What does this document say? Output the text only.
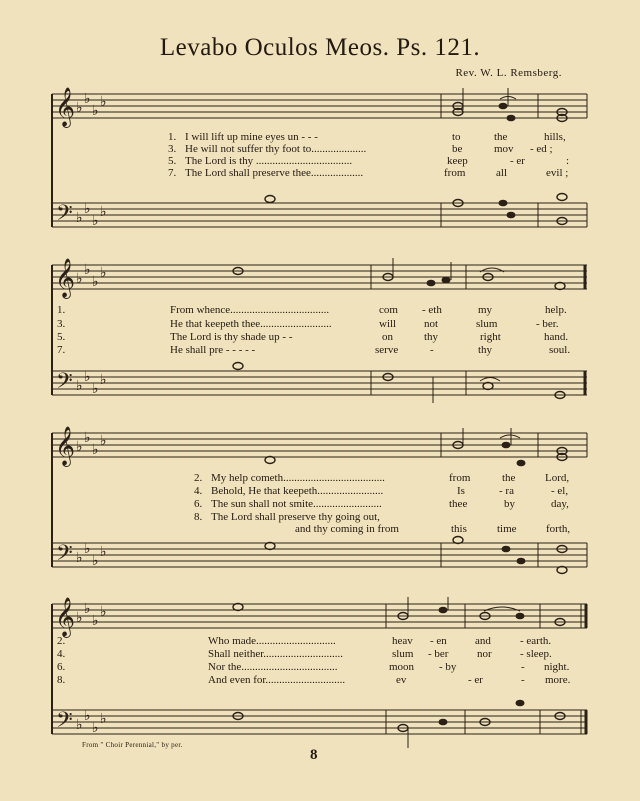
Levabo Oculos Meos. Ps. 121.
Rev. W. L. Remsberg.
𝄞
𝄢
𝄞
𝄢
𝄞
𝄢
𝄞
𝄢
♭
♭
♭
♭
♭
♭
♭
♭
♭
♭
♭
♭
♭
♭
♭
♭
♭
♭
♭
♭
♭
♭
♭
♭
♭
♭
♭
♭
♭
♭
♭
♭
1. I will lift up mine eyes un - - -	to	the	hills,
3. He will not suffer thy foot to....................	be	mov - ed ;
5. The Lord is thy ...................................	keep	- er	:
7. The Lord shall preserve thee...................	from	all	evil ;
1.	From whence....................................	com - eth	my	help.
3.	He that keepeth thee..........................	will	not	slum	- ber.
5.	The Lord is thy shade up - -	on	thy	right	hand.
7.	He shall pre - - - - -	serve	-	thy	soul.
2. My help cometh.....................................	from	the	Lord,
4. Behold, He that keepeth........................	Is	- ra	- el,
6. The sun shall not smite.........................	thee	by	day,
8. The Lord shall preserve thy going out,
and thy coming in from	this	time	forth,
2.	Who made.............................	heav - en	and	- earth.
4.	Shall neither.............................	slum - ber	nor	- sleep.
6.	Nor the...................................	moon - by	- night.
8.	And even for.............................	ev	- er	- more.
From " Choir Perennial," by per.
8
